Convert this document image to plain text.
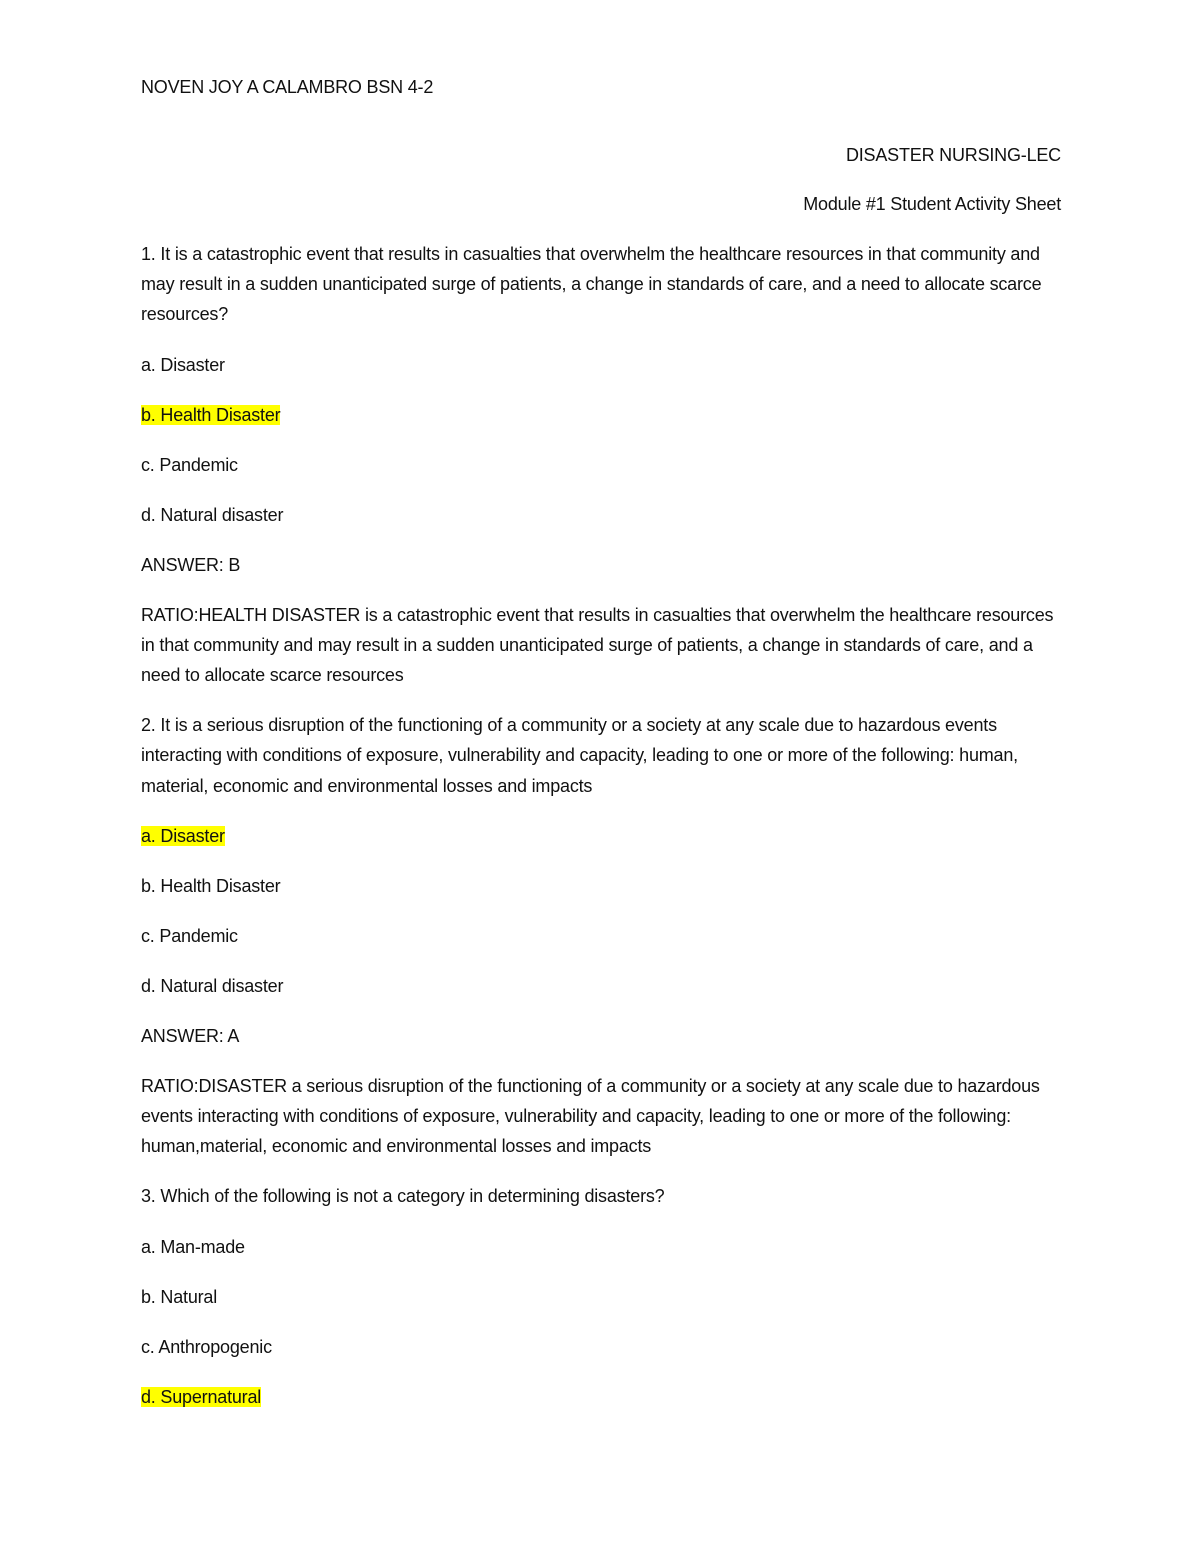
NOVEN JOY A CALAMBRO BSN 4-2

DISASTER NURSING-LEC

Module #1 Student Activity Sheet

1. It is a catastrophic event that results in casualties that overwhelm the healthcare resources in that community and may result in a sudden unanticipated surge of patients, a change in standards of care, and a need to allocate scarce resources?

a. Disaster

b. Health Disaster

c. Pandemic

d. Natural disaster

ANSWER: B

RATIO:HEALTH DISASTER is a catastrophic event that results in casualties that overwhelm the healthcare resources in that community and may result in a sudden unanticipated surge of patients, a change in standards of care, and a need to allocate scarce resources

2. It is a serious disruption of the functioning of a community or a society at any scale due to hazardous events interacting with conditions of exposure, vulnerability and capacity, leading to one or more of the following: human, material, economic and environmental losses and impacts

a. Disaster

b. Health Disaster

c. Pandemic

d. Natural disaster

ANSWER: A

RATIO:DISASTER a serious disruption of the functioning of a community or a society at any scale due to hazardous events interacting with conditions of exposure, vulnerability and capacity, leading to one or more of the following: human,material, economic and environmental losses and impacts

3. Which of the following is not a category in determining disasters?

a. Man-made

b. Natural

c. Anthropogenic

d. Supernatural
